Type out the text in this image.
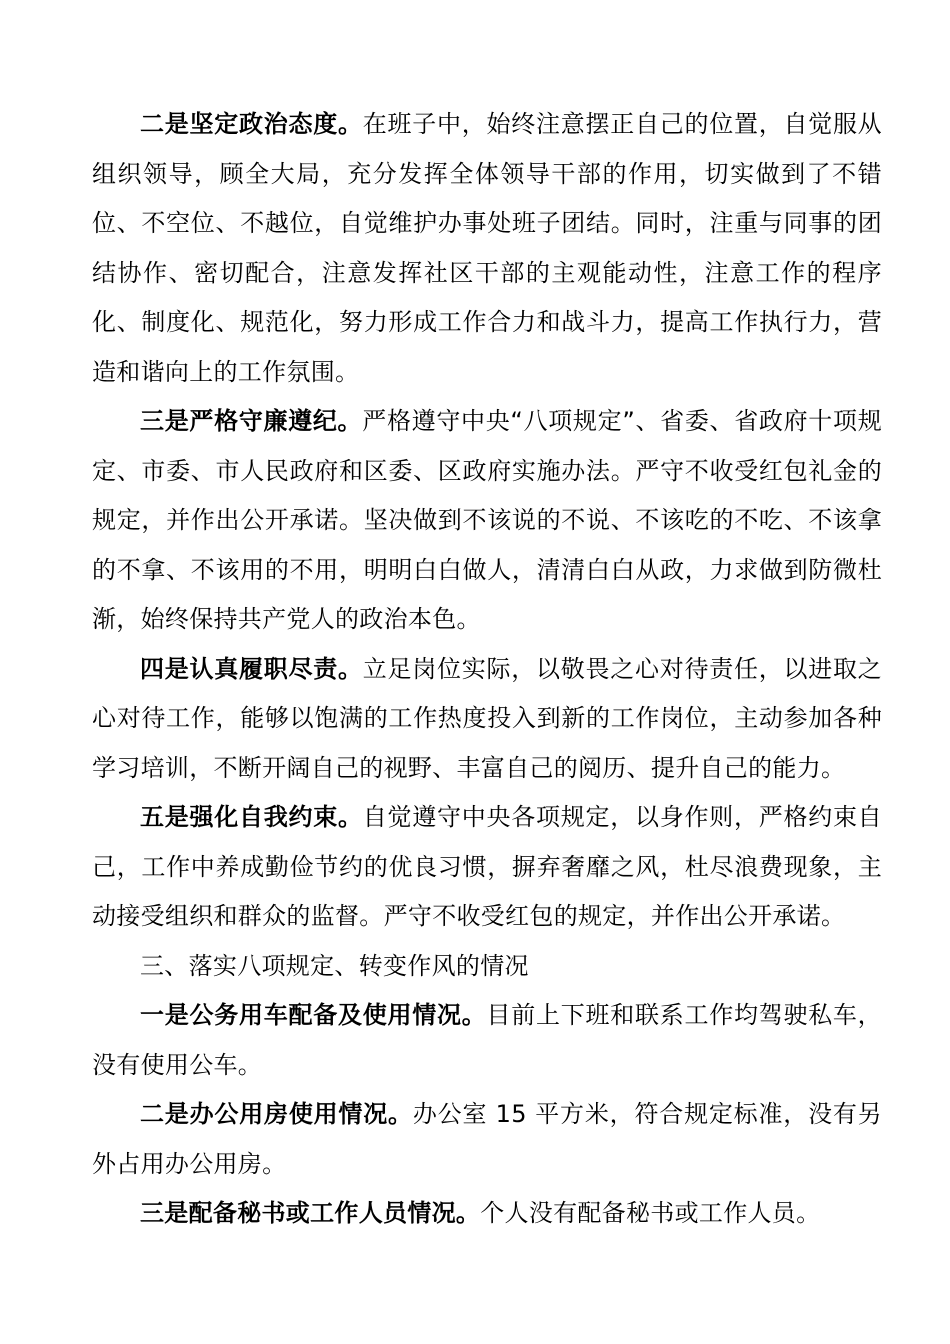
二是坚定政治态度。在班子中，始终注意摆正自己的位置，自觉服从组织领导，顾全大局，充分发挥全体领导干部的作用，切实做到了不错位、不空位、不越位，自觉维护办事处班子团结。同时，注重与同事的团结协作、密切配合，注意发挥社区干部的主观能动性，注意工作的程序化、制度化、规范化，努力形成工作合力和战斗力，提高工作执行力，营造和谐向上的工作氛围。

三是严格守廉遵纪。严格遵守中央“八项规定”、省委、省政府十项规定、市委、市人民政府和区委、区政府实施办法。严守不收受红包礼金的规定，并作出公开承诺。坚决做到不该说的不说、不该吃的不吃、不该拿的不拿、不该用的不用，明明白白做人，清清白白从政，力求做到防微杜渐，始终保持共产党人的政治本色。

四是认真履职尽责。立足岗位实际，以敬畏之心对待责任，以进取之心对待工作，能够以饱满的工作热度投入到新的工作岗位，主动参加各种学习培训，不断开阔自己的视野、丰富自己的阅历、提升自己的能力。

五是强化自我约束。自觉遵守中央各项规定，以身作则，严格约束自己，工作中养成勤俭节约的优良习惯，摒弃奢靡之风，杜尽浪费现象，主动接受组织和群众的监督。严守不收受红包的规定，并作出公开承诺。

三、落实八项规定、转变作风的情况

一是公务用车配备及使用情况。目前上下班和联系工作均驾驶私车，没有使用公车。

二是办公用房使用情况。办公室 15 平方米，符合规定标准，没有另外占用办公用房。

三是配备秘书或工作人员情况。个人没有配备秘书或工作人员。
